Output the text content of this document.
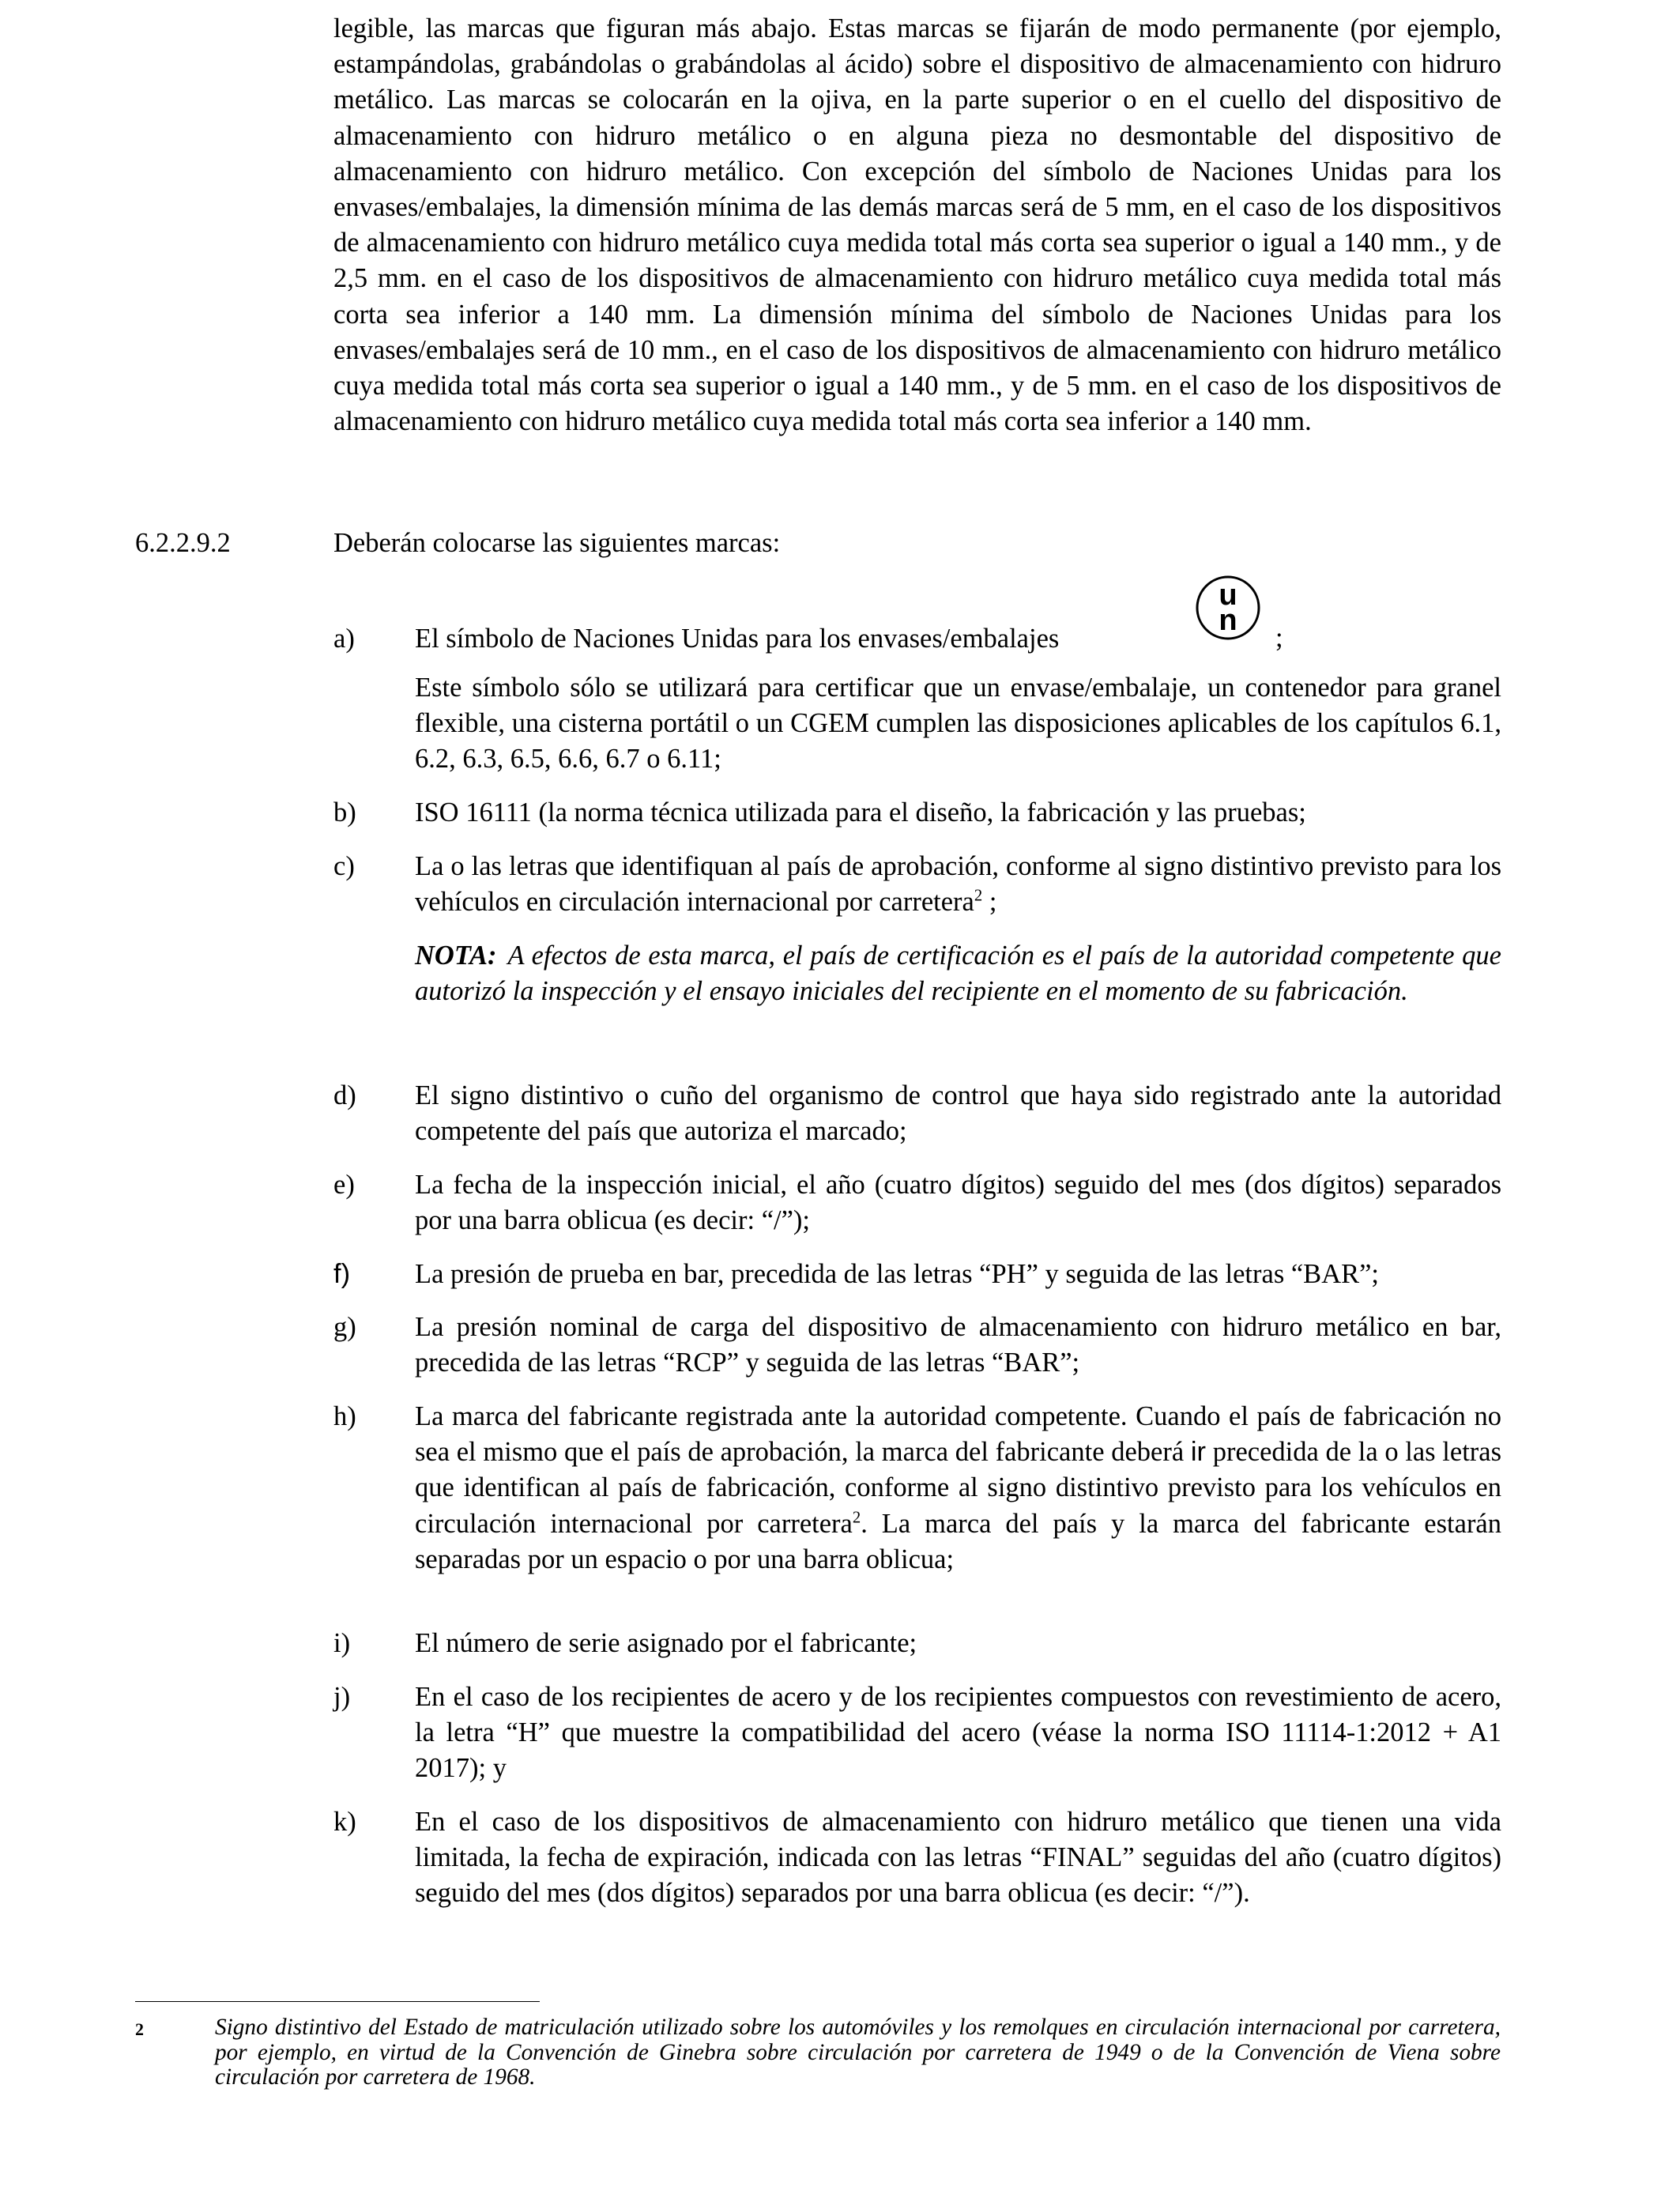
legible, las marcas que figuran más abajo. Estas marcas se fijarán de modo permanente (por ejemplo, estampándolas, grabándolas o grabándolas al ácido) sobre el dispositivo de almacenamiento con hidruro metálico. Las marcas se colocarán en la ojiva, en la parte superior o en el cuello del dispositivo de almacenamiento con hidruro metálico o en alguna pieza no desmontable del dispositivo de almacenamiento con hidruro metálico. Con excepción del símbolo de Naciones Unidas para los envases/embalajes, la dimensión mínima de las demás marcas será de 5 mm, en el caso de los dispositivos de almacenamiento con hidruro metálico cuya medida total más corta sea superior o igual a 140 mm., y de 2,5 mm. en el caso de los dispositivos de almacenamiento con hidruro metálico cuya medida total más corta sea inferior a 140 mm. La dimensión mínima del símbolo de Naciones Unidas para los envases/embalajes será de 10 mm., en el caso de los dispositivos de almacenamiento con hidruro metálico cuya medida total más corta sea superior o igual a 140 mm., y de 5 mm. en el caso de los dispositivos de almacenamiento con hidruro metálico cuya medida total más corta sea inferior a 140 mm.
6.2.2.9.2	Deberán colocarse las siguientes marcas:
a)	El símbolo de Naciones Unidas para los envases/embalajes
u
n
;
Este símbolo sólo se utilizará para certificar que un envase/embalaje, un contenedor para granel flexible, una cisterna portátil o un CGEM cumplen las disposiciones aplicables de los capítulos 6.1, 6.2, 6.3, 6.5, 6.6, 6.7 o 6.11;
b)	ISO 16111 (la norma técnica utilizada para el diseño, la fabricación y las pruebas;
c)	La o las letras que identifiquan al país de aprobación, conforme al signo distintivo previsto para los vehículos en circulación internacional por carretera$^2$ ;
NOTA: A efectos de esta marca, el país de certificación es el país de la autoridad competente que autorizó la inspección y el ensayo iniciales del recipiente en el momento de su fabricación.
d)	El signo distintivo o cuño del organismo de control que haya sido registrado ante la autoridad competente del país que autoriza el marcado;
e)	La fecha de la inspección inicial, el año (cuatro dígitos) seguido del mes (dos dígitos) separados por una barra oblicua (es decir: “/”);
f)	La presión de prueba en bar, precedida de las letras “PH” y seguida de las letras “BAR”;
g)	La presión nominal de carga del dispositivo de almacenamiento con hidruro metálico en bar, precedida de las letras “RCP” y seguida de las letras “BAR”;
h)	La marca del fabricante registrada ante la autoridad competente. Cuando el país de fabricación no sea el mismo que el país de aprobación, la marca del fabricante deberá ir precedida de la o las letras que identifican al país de fabricación, conforme al signo distintivo previsto para los vehículos en circulación internacional por carretera$^2$. La marca del país y la marca del fabricante estarán separadas por un espacio o por una barra oblicua;
i)	El número de serie asignado por el fabricante;
j)	En el caso de los recipientes de acero y de los recipientes compuestos con revestimiento de acero, la letra “H” que muestre la compatibilidad del acero (véase la norma ISO 11114-1:2012 + A1 2017); y
k)	En el caso de los dispositivos de almacenamiento con hidruro metálico que tienen una vida limitada, la fecha de expiración, indicada con las letras “FINAL” seguidas del año (cuatro dígitos) seguido del mes (dos dígitos) separados por una barra oblicua (es decir: “/”).
2	Signo distintivo del Estado de matriculación utilizado sobre los automóviles y los remolques en circulación internacional por carretera, por ejemplo, en virtud de la Convención de Ginebra sobre circulación por carretera de 1949 o de la Convención de Viena sobre circulación por carretera de 1968.
